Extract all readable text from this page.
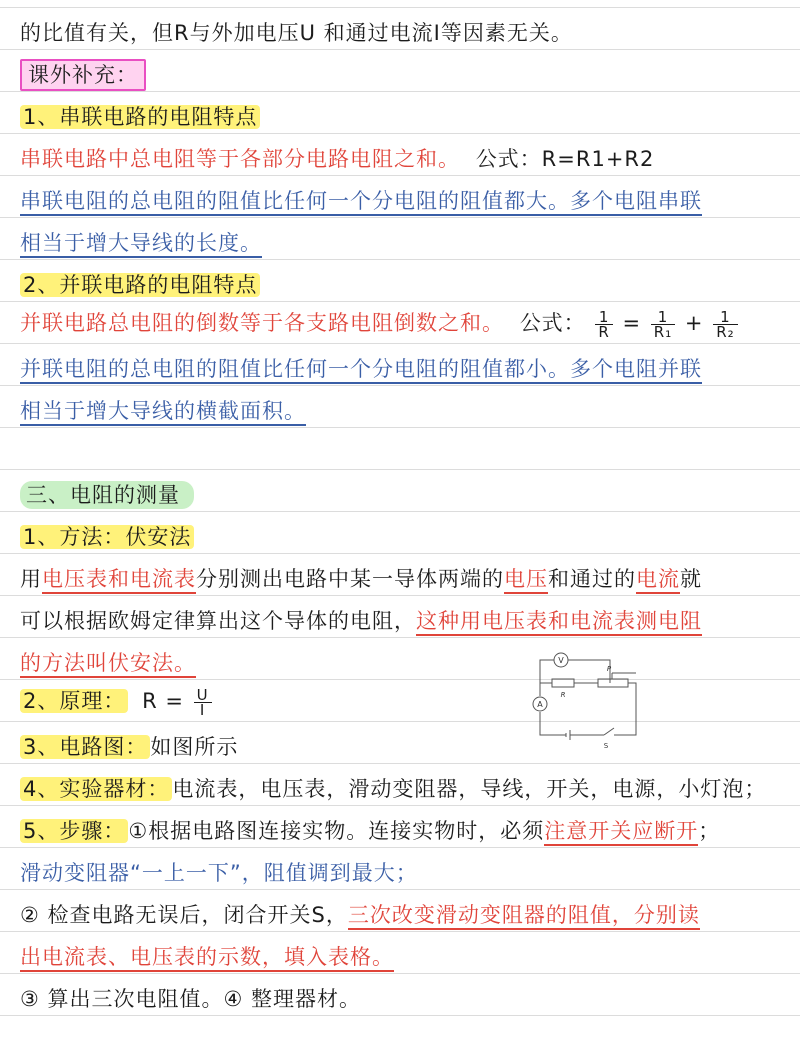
的比值有关，但R与外加电压U 和通过电流I等因素无关。
课外补充：
1、串联电路的电阻特点
串联电路中总电阻等于各部分电路电阻之和。 公式：R=R1+R2
串联电阻的总电阻的阻值比任何一个分电阻的阻值都大。多个电阻串联
相当于增大导线的长度。
2、并联电路的电阻特点
并联电路总电阻的倒数等于各支路电阻倒数之和。 公式： $\frac{1}{R} = \frac{1}{\text{R₁}} + \frac{1}{\text{R₂}}$
并联电阻的总电阻的阻值比任何一个分电阻的阻值都小。多个电阻并联
相当于增大导线的横截面积。
三、电阻的测量
1、方法：伏安法
用电压表和电流表分别测出电路中某一导体两端的电压和通过的电流就
可以根据欧姆定律算出这个导体的电阻，这种用电压表和电流表测电阻
的方法叫伏安法。
2、原理： $R = \frac{U}{I}$
3、电路图： 如图所示
4、实验器材： 电流表，电压表，滑动变阻器，导线，开关，电源，小灯泡；
5、步骤： ①根据电路图连接实物。连接实物时，必须注意开关应断开；
滑动变阻器“一上一下”，阻值调到最大；
② 检查电路无误后，闭合开关S，三次改变滑动变阻器的阻值，分别读
出电流表、电压表的示数，填入表格。
③ 算出三次电阻值。④ 整理器材。
V
A
R
P
S
